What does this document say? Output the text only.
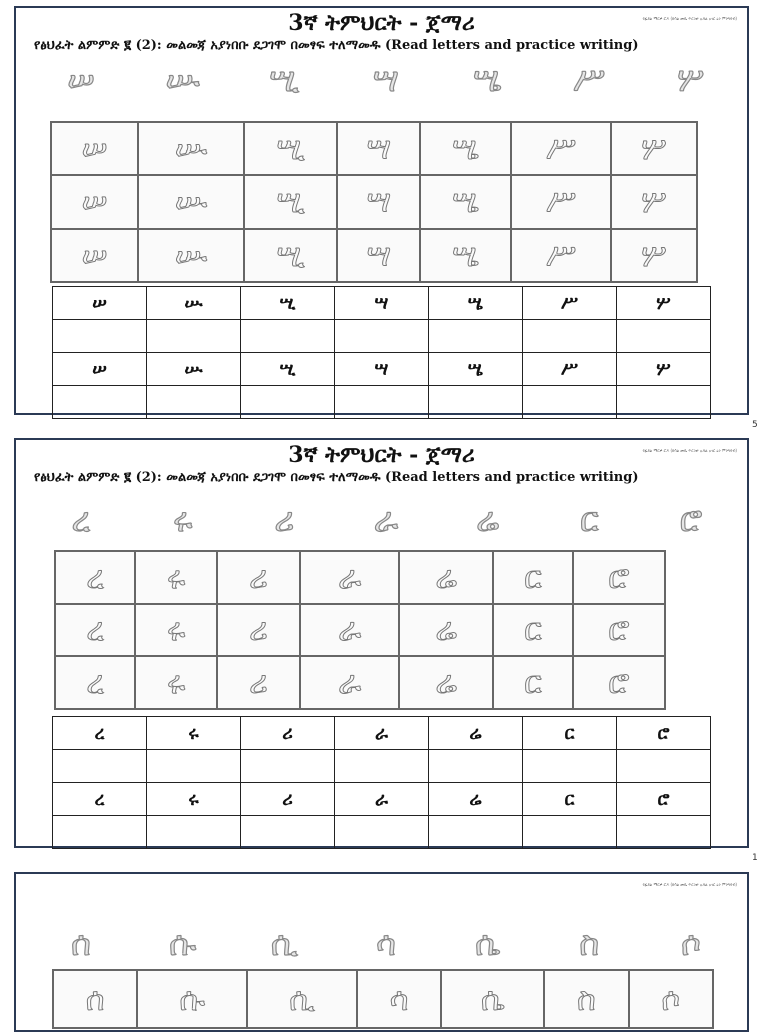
የፊደል ማርዎ ሮዶ (ከሳል መቤ ጥርንቃ ሉባል አገር ዕን ምንግባብ)
3ኛ ትምህርት - ጀማሪ
የፅህፈት ልምምድ ፪ (2): መልመጃ አያነበቡ ደጋገሞ በመፃፍ ተለማመዱ (Read letters and practice writing)
ሠ	ሡ	ሢ	ሣ	ሤ	ሥ	ሦ
ሠ	ሡ	ሢ	ሣ	ሤ	ሥ	ሦ
ሠ	ሡ	ሢ	ሣ	ሤ	ሥ	ሦ
ሠ	ሡ	ሢ	ሣ	ሤ	ሥ	ሦ
ሠ	ሡ	ሢ	ሣ	ሤ	ሥ	ሦ

ሠ	ሡ	ሢ	ሣ	ሤ	ሥ	ሦ

5
የፊደል ማርዎ ሮዶ (ከሳል መቤ ጥርንቃ ሉባል አገር ዕን ምንግባብ)
3ኛ ትምህርት - ጀማሪ
የፅህፈት ልምምድ ፪ (2): መልመጃ አያነበቡ ደጋገሞ በመፃፍ ተለማመዱ (Read letters and practice writing)
ረ	ሩ	ሪ	ራ	ሬ	ር	ሮ
ረ	ሩ	ሪ	ራ	ሬ	ር	ሮ
ረ	ሩ	ሪ	ራ	ሬ	ር	ሮ
ረ	ሩ	ሪ	ራ	ሬ	ር	ሮ
ረ	ሩ	ሪ	ራ	ሬ	ር	ሮ

ረ	ሩ	ሪ	ራ	ሬ	ር	ሮ

1
የፊደል ማርዎ ሮዶ (ከሳል መቤ ጥርንቃ ሉባል አገር ዕን ምንግባብ)
ሰ	ሱ	ሲ	ሳ	ሴ	ስ	ሶ
ሰ	ሱ	ሲ	ሳ	ሴ	ስ	ሶ
